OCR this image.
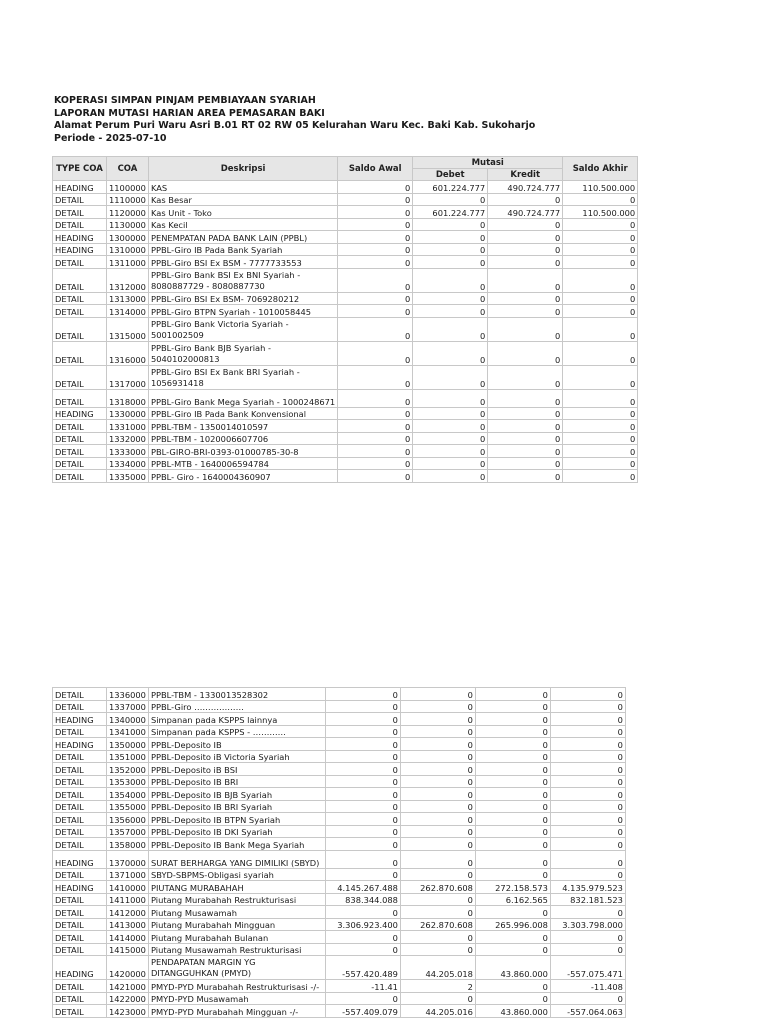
KOPERASI SIMPAN PINJAM PEMBIAYAAN SYARIAH
LAPORAN MUTASI HARIAN AREA PEMASARAN BAKI
Alamat Perum Puri Waru Asri B.01 RT 02 RW 05 Kelurahan Waru Kec. Baki Kab. Sukoharjo
Periode - 2025-07-10
TYPE COA	COA	Deskripsi	Saldo Awal	Mutasi		Saldo Akhir
				Debet	Kredit	
HEADING	1100000	KAS	0	601.224.777	490.724.777	110.500.000
DETAIL	1110000	Kas Besar	0	0	0	0
DETAIL	1120000	Kas Unit - Toko	0	601.224.777	490.724.777	110.500.000
DETAIL	1130000	Kas Kecil	0	0	0	0
HEADING	1300000	PENEMPATAN PADA BANK LAIN (PPBL)	0	0	0	0
HEADING	1310000	PPBL-Giro IB Pada Bank Syariah	0	0	0	0
DETAIL	1311000	PPBL-Giro BSI Ex BSM - 7777733553	0	0	0	0
DETAIL	1312000	PPBL-Giro Bank BSI Ex BNI Syariah - 8080887729 - 8080887730	0	0	0	0
DETAIL	1313000	PPBL-Giro BSI Ex BSM- 7069280212	0	0	0	0
DETAIL	1314000	PPBL-Giro BTPN Syariah - 1010058445	0	0	0	0
DETAIL	1315000	PPBL-Giro Bank Victoria Syariah - 5001002509	0	0	0	0
DETAIL	1316000	PPBL-Giro Bank BJB Syariah - 5040102000813	0	0	0	0
DETAIL	1317000	PPBL-Giro BSI Ex Bank BRI Syariah - 1056931418	0	0	0	0
DETAIL	1318000	PPBL-Giro Bank Mega Syariah - 1000248671	0	0	0	0
HEADING	1330000	PPBL-Giro IB Pada Bank Konvensional	0	0	0	0
DETAIL	1331000	PPBL-TBM - 1350014010597	0	0	0	0
DETAIL	1332000	PPBL-TBM - 1020006607706	0	0	0	0
DETAIL	1333000	PBL-GIRO-BRI-0393-01000785-30-8	0	0	0	0
DETAIL	1334000	PPBL-MTB - 1640006594784	0	0	0	0
DETAIL	1335000	PPBL- Giro - 1640004360907	0	0	0	0
DETAIL	1336000	PPBL-TBM - 1330013528302	0	0	0	0
DETAIL	1337000	PPBL-Giro ………………	0	0	0	0
HEADING	1340000	Simpanan pada KSPPS lainnya	0	0	0	0
DETAIL	1341000	Simpanan pada KSPPS - …………	0	0	0	0
HEADING	1350000	PPBL-Deposito IB	0	0	0	0
DETAIL	1351000	PPBL-Deposito iB Victoria Syariah	0	0	0	0
DETAIL	1352000	PPBL-Deposito iB BSI	0	0	0	0
DETAIL	1353000	PPBL-Deposito IB BRI	0	0	0	0
DETAIL	1354000	PPBL-Deposito IB BJB Syariah	0	0	0	0
DETAIL	1355000	PPBL-Deposito IB BRI Syariah	0	0	0	0
DETAIL	1356000	PPBL-Deposito IB BTPN Syariah	0	0	0	0
DETAIL	1357000	PPBL-Deposito IB DKI Syariah	0	0	0	0
DETAIL	1358000	PPBL-Deposito IB Bank Mega Syariah	0	0	0	0
HEADING	1370000	SURAT BERHARGA YANG DIMILIKI (SBYD)	0	0	0	0
DETAIL	1371000	SBYD-SBPMS-Obligasi syariah	0	0	0	0
HEADING	1410000	PIUTANG MURABAHAH	4.145.267.488	262.870.608	272.158.573	4.135.979.523
DETAIL	1411000	Piutang Murabahah Restrukturisasi	838.344.088	0	6.162.565	832.181.523
DETAIL	1412000	Piutang Musawamah	0	0	0	0
DETAIL	1413000	Piutang Murabahah Mingguan	3.306.923.400	262.870.608	265.996.008	3.303.798.000
DETAIL	1414000	Piutang Murabahah Bulanan	0	0	0	0
DETAIL	1415000	Piutang Musawamah Restrukturisasi	0	0	0	0
HEADING	1420000	PENDAPATAN MARGIN YG DITANGGUHKAN (PMYD)	-557.420.489	44.205.018	43.860.000	-557.075.471
DETAIL	1421000	PMYD-PYD Murabahah Restrukturisasi -/-	-11.41	2	0	-11.408
DETAIL	1422000	PMYD-PYD Musawamah	0	0	0	0
DETAIL	1423000	PMYD-PYD Murabahah Mingguan -/-	-557.409.079	44.205.016	43.860.000	-557.064.063
